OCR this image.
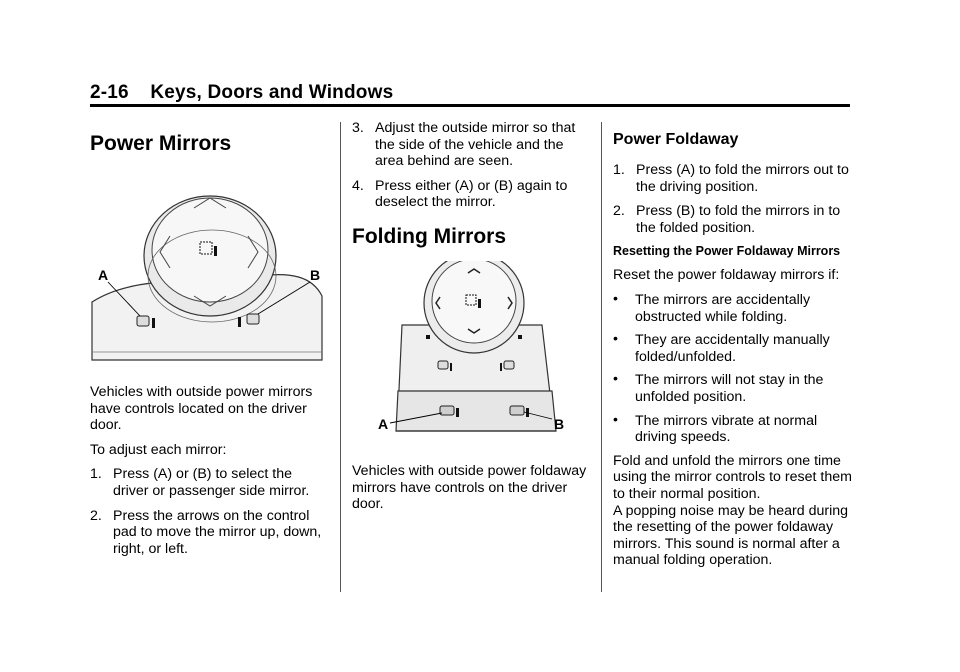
2-16 Keys, Doors and Windows
Power Mirrors
A	B

Vehicles with outside power mirrors have controls located on the driver door.

To adjust each mirror:

1. Press (A) or (B) to select the driver or passenger side mirror.
2. Press the arrows on the control pad to move the mirror up, down, right, or left.
3. Adjust the outside mirror so that the side of the vehicle and the area behind are seen.
4. Press either (A) or (B) again to deselect the mirror.
Folding Mirrors
A	B

Vehicles with outside power foldaway mirrors have controls on the driver door.

Power Foldaway
1. Press (A) to fold the mirrors out to the driving position.
2. Press (B) to fold the mirrors in to the folded position.
Resetting the Power Foldaway Mirrors

Reset the power foldaway mirrors if:

• The mirrors are accidentally obstructed while folding.
• They are accidentally manually folded/unfolded.
• The mirrors will not stay in the unfolded position.
• The mirrors vibrate at normal driving speeds.

Fold and unfold the mirrors one time using the mirror controls to reset them to their normal position.

A popping noise may be heard during the resetting of the power foldaway mirrors. This sound is normal after a manual folding operation.
